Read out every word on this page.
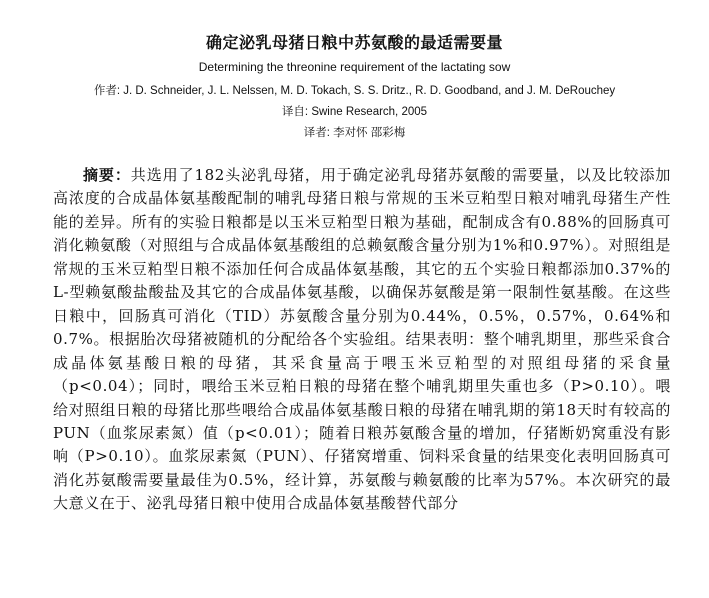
确定泌乳母猪日粮中苏氨酸的最适需要量
Determining the threonine requirement of the lactating sow
作者: J. D. Schneider, J. L. Nelssen, M. D. Tokach, S. S. Dritz., R. D. Goodband, and J. M. DeRouchey
译自: Swine Research, 2005
译者: 李对怀 邵彩梅

摘要：共选用了182头泌乳母猪，用于确定泌乳母猪苏氨酸的需要量，以及比较添加高浓度的合成晶体氨基酸配制的哺乳母猪日粮与常规的玉米豆粕型日粮对哺乳母猪生产性能的差异。所有的实验日粮都是以玉米豆粕型日粮为基础，配制成含有0.88%的回肠真可消化赖氨酸（对照组与合成晶体氨基酸组的总赖氨酸含量分别为1%和0.97%）。对照组是常规的玉米豆粕型日粮不添加任何合成晶体氨基酸，其它的五个实验日粮都添加0.37%的L-型赖氨酸盐酸盐及其它的合成晶体氨基酸，以确保苏氨酸是第一限制性氨基酸。在这些日粮中，回肠真可消化（TID）苏氨酸含量分别为0.44%，0.5%，0.57%，0.64%和0.7%。根据胎次母猪被随机的分配给各个实验组。结果表明：整个哺乳期里，那些采食合成晶体氨基酸日粮的母猪，其采食量高于喂玉米豆粕型的对照组母猪的采食量（p<0.04）；同时，喂给玉米豆粕日粮的母猪在整个哺乳期里失重也多（P>0.10）。喂给对照组日粮的母猪比那些喂给合成晶体氨基酸日粮的母猪在哺乳期的第18天时有较高的PUN（血浆尿素氮）值（p<0.01）；随着日粮苏氨酸含量的增加，仔猪断奶窝重没有影响（P>0.10）。血浆尿素氮（PUN）、仔猪窝增重、饲料采食量的结果变化表明回肠真可消化苏氨酸需要量最佳为0.5%，经计算，苏氨酸与赖氨酸的比率为57%。本次研究的最大意义在于、泌乳母猪日粮中使用合成晶体氨基酸替代部分
